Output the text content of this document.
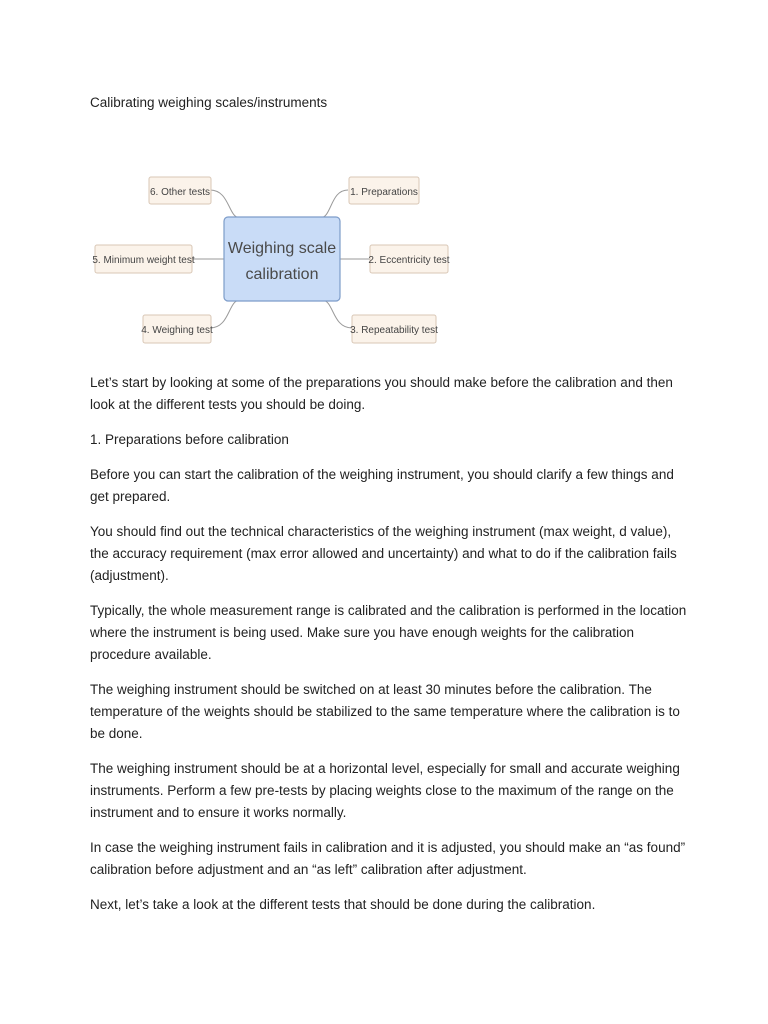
Calibrating weighing scales/instruments
Weighing scale
calibration
6. Other tests	1. Preparations
5. Minimum weight test	2. Eccentricity test
4. Weighing test	3. Repeatability test

Let’s start by looking at some of the preparations you should make before the calibration and then look at the different tests you should be doing.

1. Preparations before calibration

Before you can start the calibration of the weighing instrument, you should clarify a few things and get prepared.

You should find out the technical characteristics of the weighing instrument (max weight, d value), the accuracy requirement (max error allowed and uncertainty) and what to do if the calibration fails (adjustment).

Typically, the whole measurement range is calibrated and the calibration is performed in the location where the instrument is being used. Make sure you have enough weights for the calibration procedure available.

The weighing instrument should be switched on at least 30 minutes before the calibration. The temperature of the weights should be stabilized to the same temperature where the calibration is to be done.

The weighing instrument should be at a horizontal level, especially for small and accurate weighing instruments. Perform a few pre-tests by placing weights close to the maximum of the range on the instrument and to ensure it works normally.

In case the weighing instrument fails in calibration and it is adjusted, you should make an “as found” calibration before adjustment and an “as left” calibration after adjustment.

Next, let’s take a look at the different tests that should be done during the calibration.
